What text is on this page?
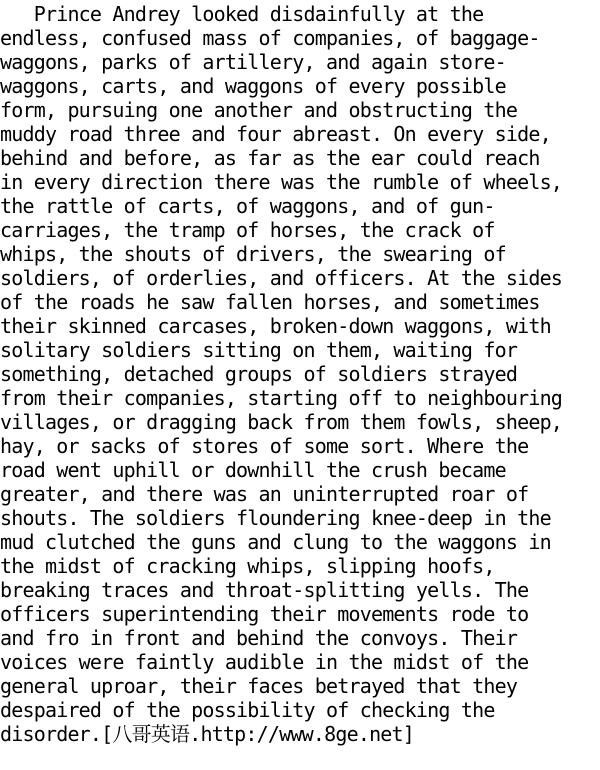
Prince Andrey looked disdainfully at the
endless, confused mass of companies, of baggage-
waggons, parks of artillery, and again store-
waggons, carts, and waggons of every possible
form, pursuing one another and obstructing the
muddy road three and four abreast. On every side,
behind and before, as far as the ear could reach
in every direction there was the rumble of wheels,
the rattle of carts, of waggons, and of gun-
carriages, the tramp of horses, the crack of
whips, the shouts of drivers, the swearing of
soldiers, of orderlies, and officers. At the sides
of the roads he saw fallen horses, and sometimes
their skinned carcases, broken-down waggons, with
solitary soldiers sitting on them, waiting for
something, detached groups of soldiers strayed
from their companies, starting off to neighbouring
villages, or dragging back from them fowls, sheep,
hay, or sacks of stores of some sort. Where the
road went uphill or downhill the crush became
greater, and there was an uninterrupted roar of
shouts. The soldiers floundering knee-deep in the
mud clutched the guns and clung to the waggons in
the midst of cracking whips, slipping hoofs,
breaking traces and throat-splitting yells. The
officers superintending their movements rode to
and fro in front and behind the convoys. Their
voices were faintly audible in the midst of the
general uproar, their faces betrayed that they
despaired of the possibility of checking the
disorder.[八哥英语.http://www.8ge.net]
